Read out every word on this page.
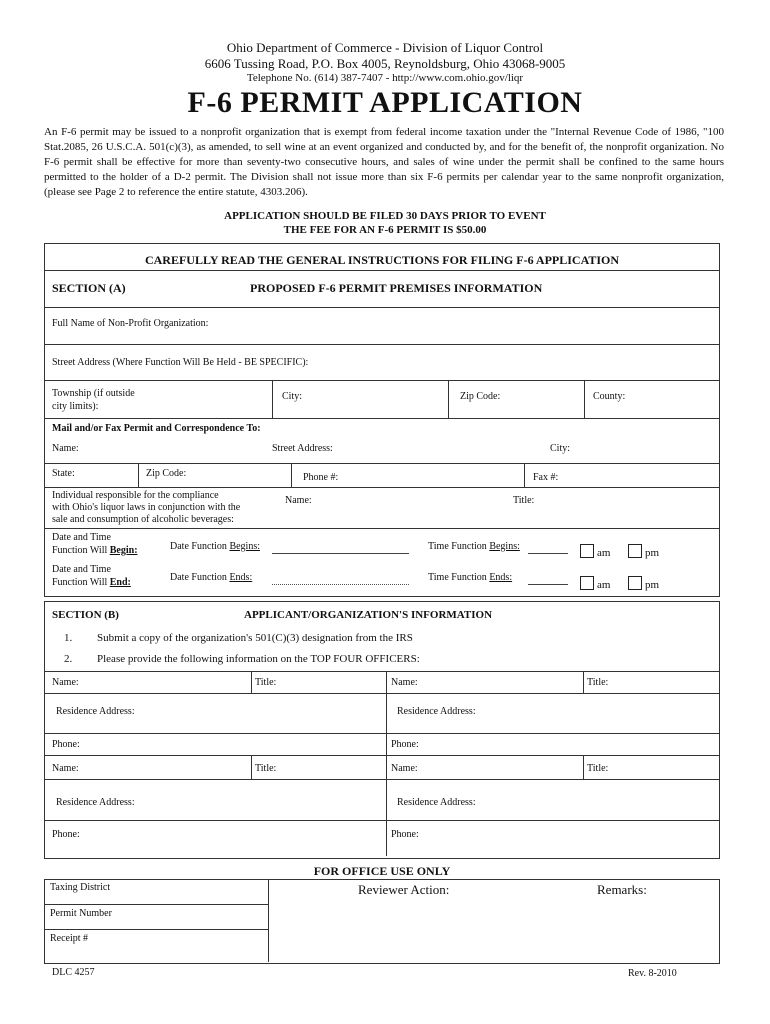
Ohio Department of Commerce - Division of Liquor Control
6606 Tussing Road, P.O. Box 4005, Reynoldsburg, Ohio 43068-9005
Telephone No. (614) 387-7407 - http://www.com.ohio.gov/liqr
F-6 PERMIT APPLICATION
An F-6 permit may be issued to a nonprofit organization that is exempt from federal income taxation under the "Internal Revenue Code of 1986, "100 Stat.2085, 26 U.S.C.A. 501(c)(3), as amended, to sell wine at an event organized and conducted by, and for the benefit of, the nonprofit organization. No F-6 permit shall be effective for more than seventy-two consecutive hours, and sales of wine under the permit shall be confined to the same hours permitted to the holder of a D-2 permit. The Division shall not issue more than six F-6 permits per calendar year to the same nonprofit organization, (please see Page 2 to reference the entire statute, 4303.206).
APPLICATION SHOULD BE FILED 30 DAYS PRIOR TO EVENT
THE FEE FOR AN F-6 PERMIT IS $50.00
CAREFULLY READ THE GENERAL INSTRUCTIONS FOR FILING F-6 APPLICATION
SECTION (A)	PROPOSED F-6 PERMIT PREMISES INFORMATION
Full Name of Non-Profit Organization:
Street Address (Where Function Will Be Held - BE SPECIFIC):
Township (if outside
city limits):
City:	Zip Code:	County:
Mail and/or Fax Permit and Correspondence To:
Name:	Street Address:	City:
State:	Zip Code:	Phone #:	Fax #:
Individual responsible for the compliance
with Ohio's liquor laws in conjunction with the
sale and consumption of alcoholic beverages:
Name:	Title:
Date and Time
Function Will Begin:	Date Function Begins:	Time Function Begins:
am	pm
Date and Time
Function Will End:	Date Function Ends:	Time Function Ends:
am	pm
SECTION (B)	APPLICANT/ORGANIZATION'S INFORMATION
1. Submit a copy of the organization's 501(C)(3) designation from the IRS
2. Please provide the following information on the TOP FOUR OFFICERS:
Name:	Title:	Name:	Title:
Residence Address:	Residence Address:
Phone:	Phone:
Name:	Title:	Name:	Title:
Residence Address:	Residence Address:
Phone:	Phone:
FOR OFFICE USE ONLY
Taxing District
Permit Number
Receipt #
Reviewer Action:	Remarks:
DLC 4257	Rev. 8-2010
